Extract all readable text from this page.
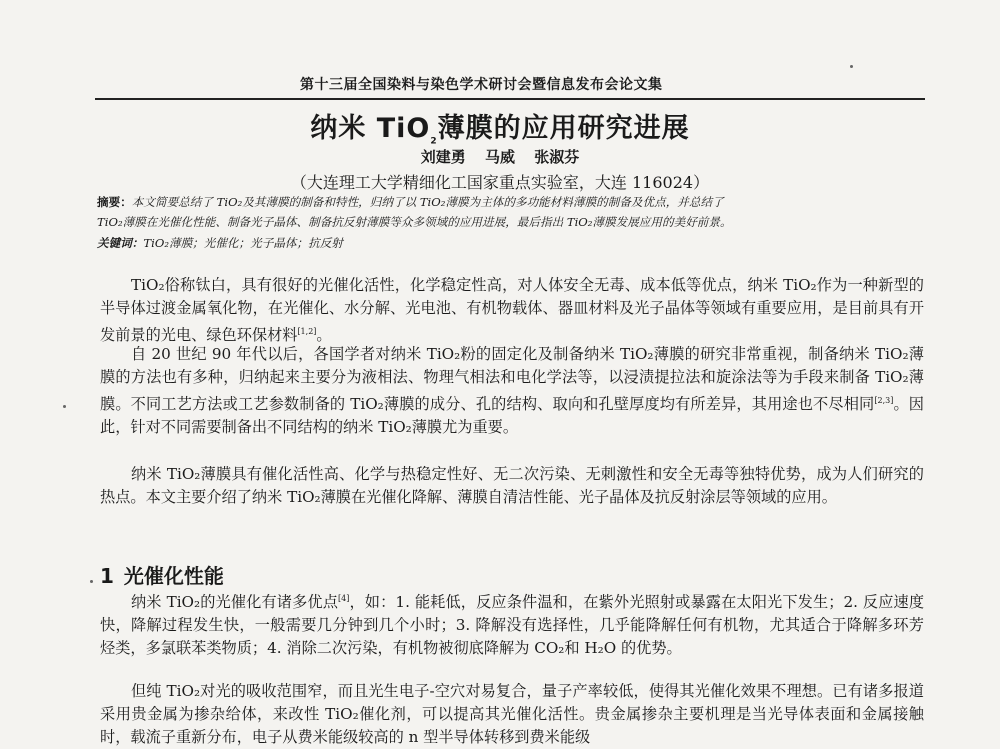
第十三届全国染料与染色学术研讨会暨信息发布会论文集
纳米 TiO$_2$薄膜的应用研究进展
刘建勇 马威 张淑芬
（大连理工大学精细化工国家重点实验室，大连 116024）
摘要：本文简要总结了 TiO₂及其薄膜的制备和特性，归纳了以 TiO₂薄膜为主体的多功能材料薄膜的制备及优点，并总结了
TiO₂薄膜在光催化性能、制备光子晶体、制备抗反射薄膜等众多领域的应用进展，最后指出 TiO₂薄膜发展应用的美好前景。
关键词：TiO₂薄膜；光催化；光子晶体；抗反射
TiO₂俗称钛白，具有很好的光催化活性，化学稳定性高，对人体安全无毒、成本低等优点，纳米 TiO₂作为一种新型的半导体过渡金属氧化物，在光催化、水分解、光电池、有机物载体、器皿材料及光子晶体等领域有重要应用，是目前具有开发前景的光电、绿色环保材料[1,2]。
自 20 世纪 90 年代以后，各国学者对纳米 TiO₂粉的固定化及制备纳米 TiO₂薄膜的研究非常重视，制备纳米 TiO₂薄膜的方法也有多种，归纳起来主要分为液相法、物理气相法和电化学法等，以浸渍提拉法和旋涂法等为手段来制备 TiO₂薄膜。不同工艺方法或工艺参数制备的 TiO₂薄膜的成分、孔的结构、取向和孔壁厚度均有所差异，其用途也不尽相同[2,3]。因此，针对不同需要制备出不同结构的纳米 TiO₂薄膜尤为重要。
纳米 TiO₂薄膜具有催化活性高、化学与热稳定性好、无二次污染、无刺激性和安全无毒等独特优势，成为人们研究的热点。本文主要介绍了纳米 TiO₂薄膜在光催化降解、薄膜自清洁性能、光子晶体及抗反射涂层等领域的应用。
1 光催化性能
纳米 TiO₂的光催化有诸多优点[4]，如：1. 能耗低，反应条件温和，在紫外光照射或暴露在太阳光下发生；2. 反应速度快，降解过程发生快，一般需要几分钟到几个小时；3. 降解没有选择性，几乎能降解任何有机物，尤其适合于降解多环芳烃类，多氯联苯类物质；4. 消除二次污染，有机物被彻底降解为 CO₂和 H₂O 的优势。
但纯 TiO₂对光的吸收范围窄，而且光生电子-空穴对易复合，量子产率较低，使得其光催化效果不理想。已有诸多报道采用贵金属为掺杂给体，来改性 TiO₂催化剂，可以提高其光催化活性。贵金属掺杂主要机理是当光导体表面和金属接触时，载流子重新分布，电子从费米能级较高的 n 型半导体转移到费米能级
